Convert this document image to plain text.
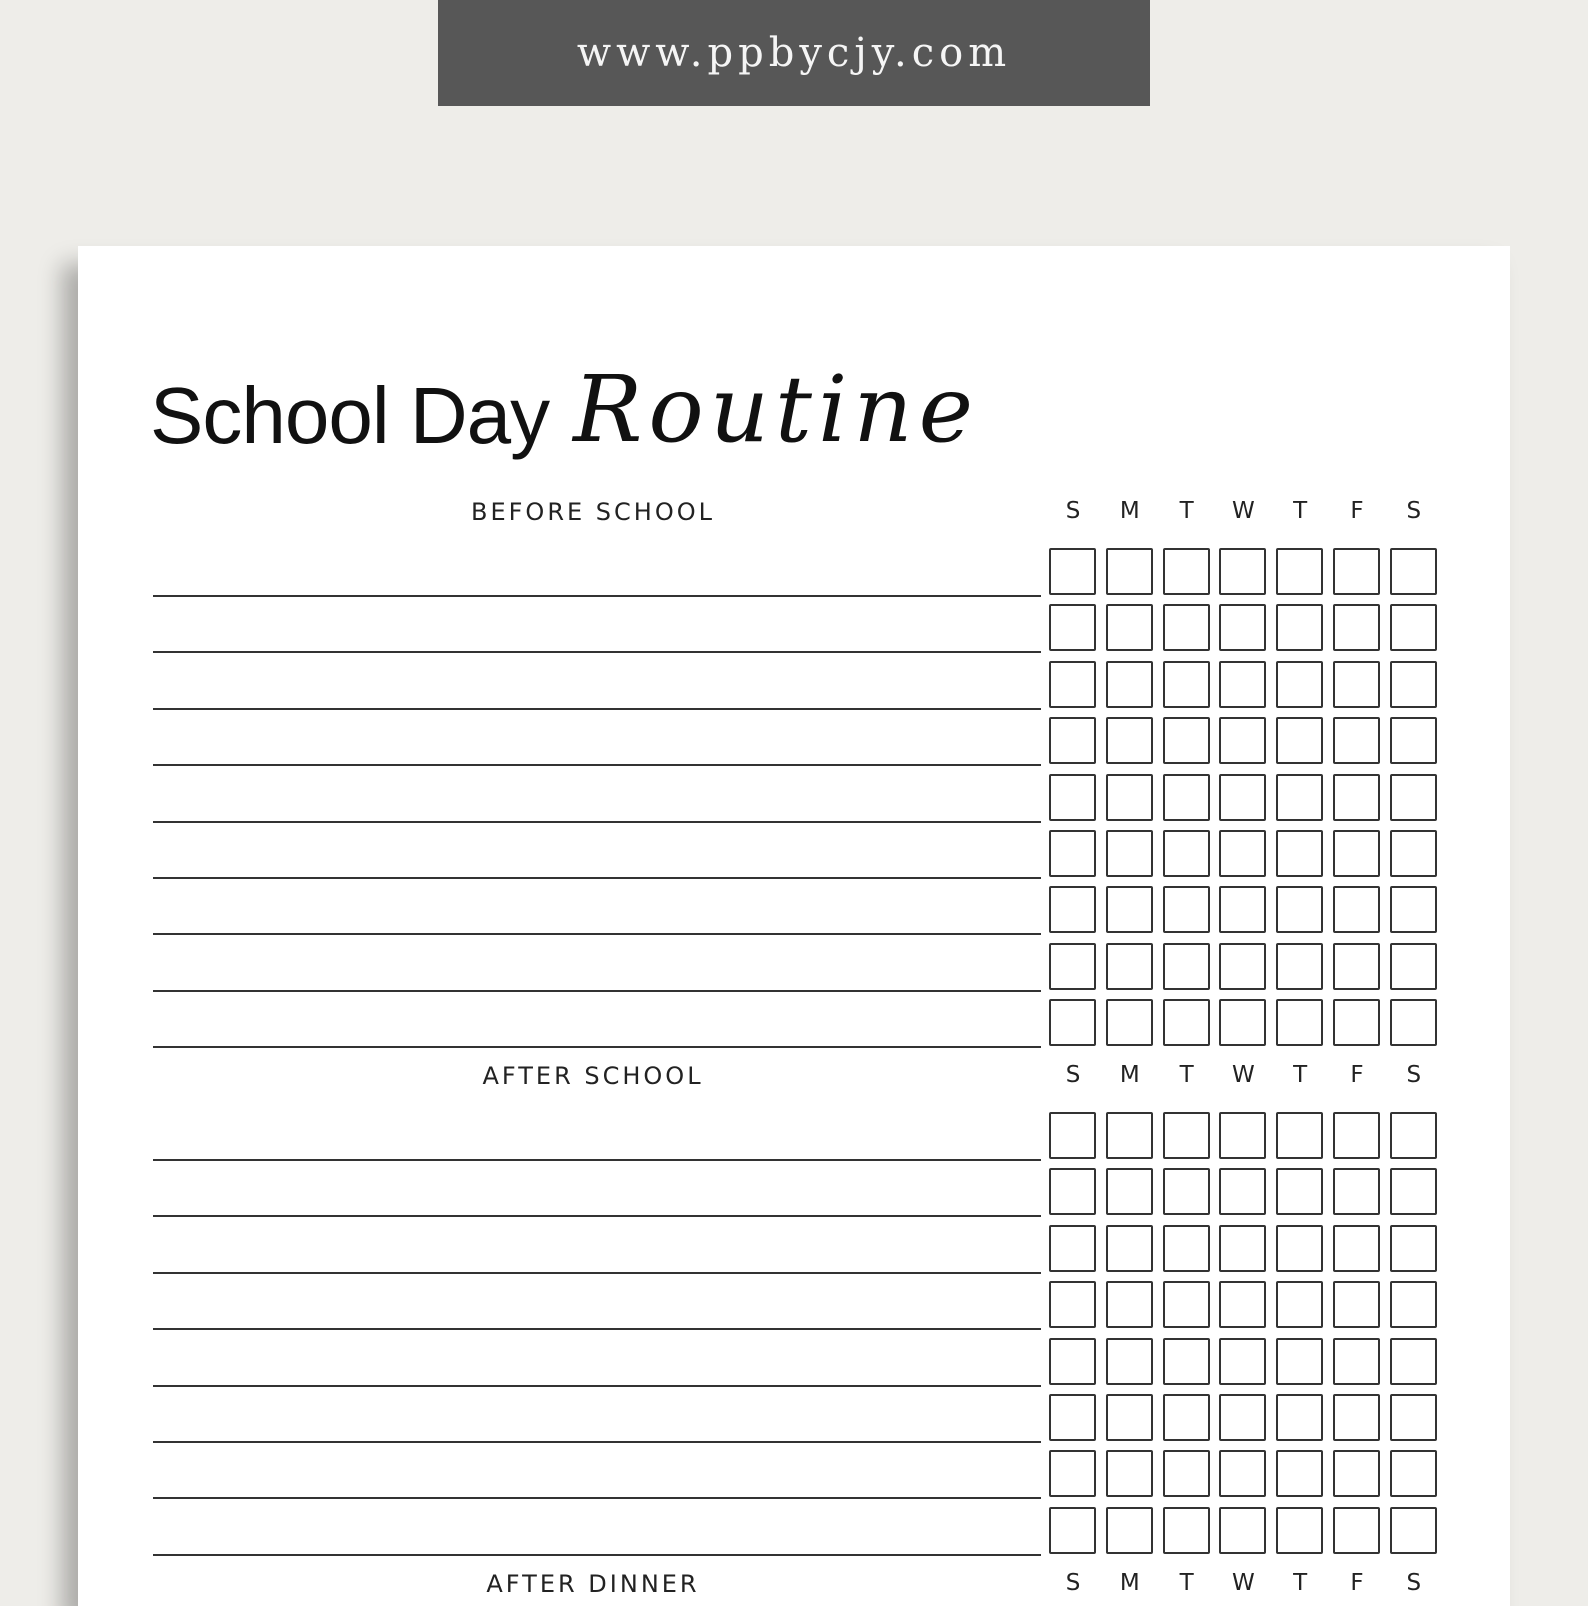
www.ppbycjy.com
School Day Routine
BEFORE SCHOOL	S	M	T	W	T	F	S
AFTER SCHOOL	S	M	T	W	T	F	S
AFTER DINNER	S	M	T	W	T	F	S
